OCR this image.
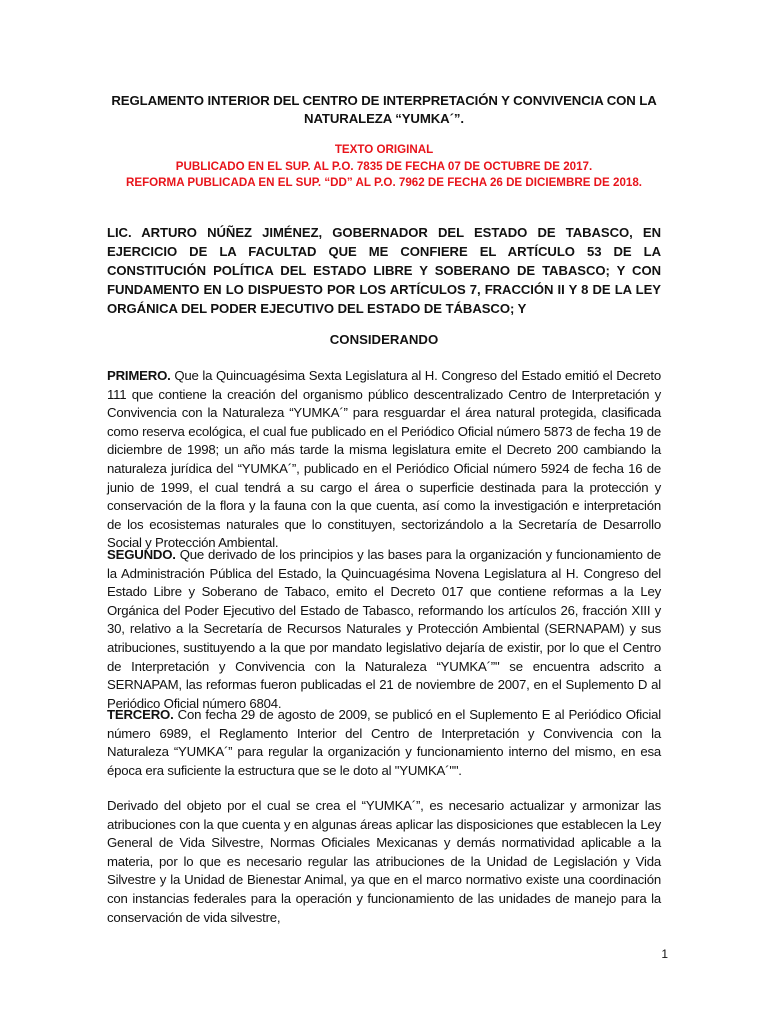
REGLAMENTO INTERIOR DEL CENTRO DE INTERPRETACIÓN Y CONVIVENCIA CON LA
NATURALEZA “YUMKA´”.
TEXTO ORIGINAL
PUBLICADO EN EL SUP. AL P.O. 7835 DE FECHA 07 DE OCTUBRE DE 2017.
REFORMA PUBLICADA EN EL SUP. “DD” AL P.O. 7962 DE FECHA 26 DE DICIEMBRE DE 2018.
LIC. ARTURO NÚÑEZ JIMÉNEZ, GOBERNADOR DEL ESTADO DE TABASCO, EN EJERCICIO DE LA FACULTAD QUE ME CONFIERE EL ARTÍCULO 53 DE LA CONSTITUCIÓN POLÍTICA DEL ESTADO LIBRE Y SOBERANO DE TABASCO; Y CON FUNDAMENTO EN LO DISPUESTO POR LOS ARTÍCULOS 7, FRACCIÓN II Y 8 DE LA LEY ORGÁNICA DEL PODER EJECUTIVO DEL ESTADO DE TÁBASCO; Y
CONSIDERANDO
PRIMERO. Que la Quincuagésima Sexta Legislatura al H. Congreso del Estado emitió el Decreto 111 que contiene la creación del organismo público descentralizado Centro de Interpretación y Convivencia con la Naturaleza “YUMKA´” para resguardar el área natural protegida, clasificada como reserva ecológica, el cual fue publicado en el Periódico Oficial número 5873 de fecha 19 de diciembre de 1998; un año más tarde la misma legislatura emite el Decreto 200 cambiando la naturaleza jurídica del “YUMKA´”, publicado en el Periódico Oficial número 5924 de fecha 16 de junio de 1999, el cual tendrá a su cargo el área o superficie destinada para la protección y conservación de la flora y la fauna con la que cuenta, así como la investigación e interpretación de los ecosistemas naturales que lo constituyen, sectorizándolo a la Secretaría de Desarrollo Social y Protección Ambiental.
SEGUNDO. Que derivado de los principios y las bases para la organización y funcionamiento de la Administración Pública del Estado, la Quincuagésima Novena Legislatura al H. Congreso del Estado Libre y Soberano de Tabaco, emito el Decreto 017 que contiene reformas a la Ley Orgánica del Poder Ejecutivo del Estado de Tabasco, reformando los artículos 26, fracción XIII y 30, relativo a la Secretaría de Recursos Naturales y Protección Ambiental (SERNAPAM) y sus atribuciones, sustituyendo a la que por mandato legislativo dejaría de existir, por lo que el Centro de Interpretación y Convivencia con la Naturaleza “YUMKA´”" se encuentra adscrito a SERNAPAM, las reformas fueron publicadas el 21 de noviembre de 2007, en el Suplemento D al Periódico Oficial número 6804.
TERCERO. Con fecha 29 de agosto de 2009, se publicó en el Suplemento E al Periódico Oficial número 6989, el Reglamento Interior del Centro de Interpretación y Convivencia con la Naturaleza “YUMKA´” para regular la organización y funcionamiento interno del mismo, en esa época era suficiente la estructura que se le doto al "YUMKA´"".
Derivado del objeto por el cual se crea el “YUMKA´”, es necesario actualizar y armonizar las atribuciones con la que cuenta y en algunas áreas aplicar las disposiciones que establecen la Ley General de Vida Silvestre, Normas Oficiales Mexicanas y demás normatividad aplicable a la materia, por lo que es necesario regular las atribuciones de la Unidad de Legislación y Vida Silvestre y la Unidad de Bienestar Animal, ya que en el marco normativo existe una coordinación con instancias federales para la operación y funcionamiento de las unidades de manejo para la conservación de vida silvestre,
1
